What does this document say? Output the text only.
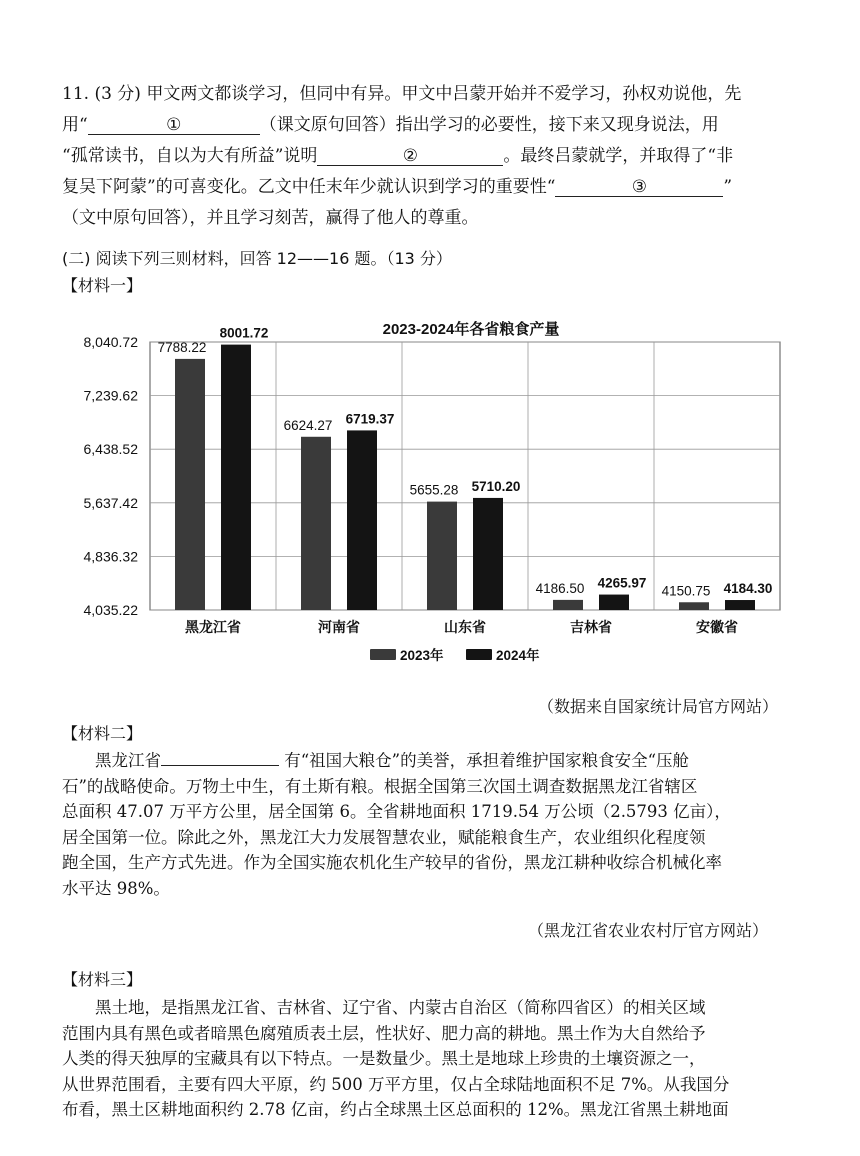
11. (3 分) 甲文两文都谈学习，但同中有异。甲文中吕蒙开始并不爱学习，孙权劝说他，先
用“	①	（课文原句回答）指出学习的必要性，接下来又现身说法，用
“孤常读书，自以为大有所益”说明	②	。最终吕蒙就学，并取得了“非
复吴下阿蒙”的可喜变化。乙文中任末年少就认识到学习的重要性“	③	”
（文中原句回答），并且学习刻苦，赢得了他人的尊重。
(二) 阅读下列三则材料，回答 12——16 题。（13 分）
【材料一】
8,040.72
7,239.62
6,438.52
5,637.42
4,836.32
4,035.22
2023-2024年各省粮食产量
7788.22
8001.72
黑龙江省
6624.27 6719.37
河南省
5655.28 5710.20
山东省
4186.50 4265.97
吉林省
4150.75 4184.30
安徽省
2023年	2024年
（数据来自国家统计局官方网站）
【材料二】

黑龙江省	有“祖国大粮仓”的美誉，承担着维护国家粮食安全“压舱

石”的战略使命。万物土中生，有土斯有粮。根据全国第三次国土调查数据黑龙江省辖区

总面积 47.07 万平方公里，居全国第 6。全省耕地面积 1719.54 万公顷（2.5793 亿亩），

居全国第一位。除此之外，黑龙江大力发展智慧农业，赋能粮食生产，农业组织化程度领

跑全国，生产方式先进。作为全国实施农机化生产较早的省份，黑龙江耕种收综合机械化率

水平达 98%。

（黑龙江省农业农村厅官方网站）
【材料三】

黑土地，是指黑龙江省、吉林省、辽宁省、内蒙古自治区（简称四省区）的相关区域

范围内具有黑色或者暗黑色腐殖质表土层，性状好、肥力高的耕地。黑土作为大自然给予

人类的得天独厚的宝藏具有以下特点。一是数量少。黑土是地球上珍贵的土壤资源之一，

从世界范围看，主要有四大平原，约 500 万平方里，仅占全球陆地面积不足 7%。从我国分

布看，黑土区耕地面积约 2.78 亿亩，约占全球黑土区总面积的 12%。黑龙江省黑土耕地面
